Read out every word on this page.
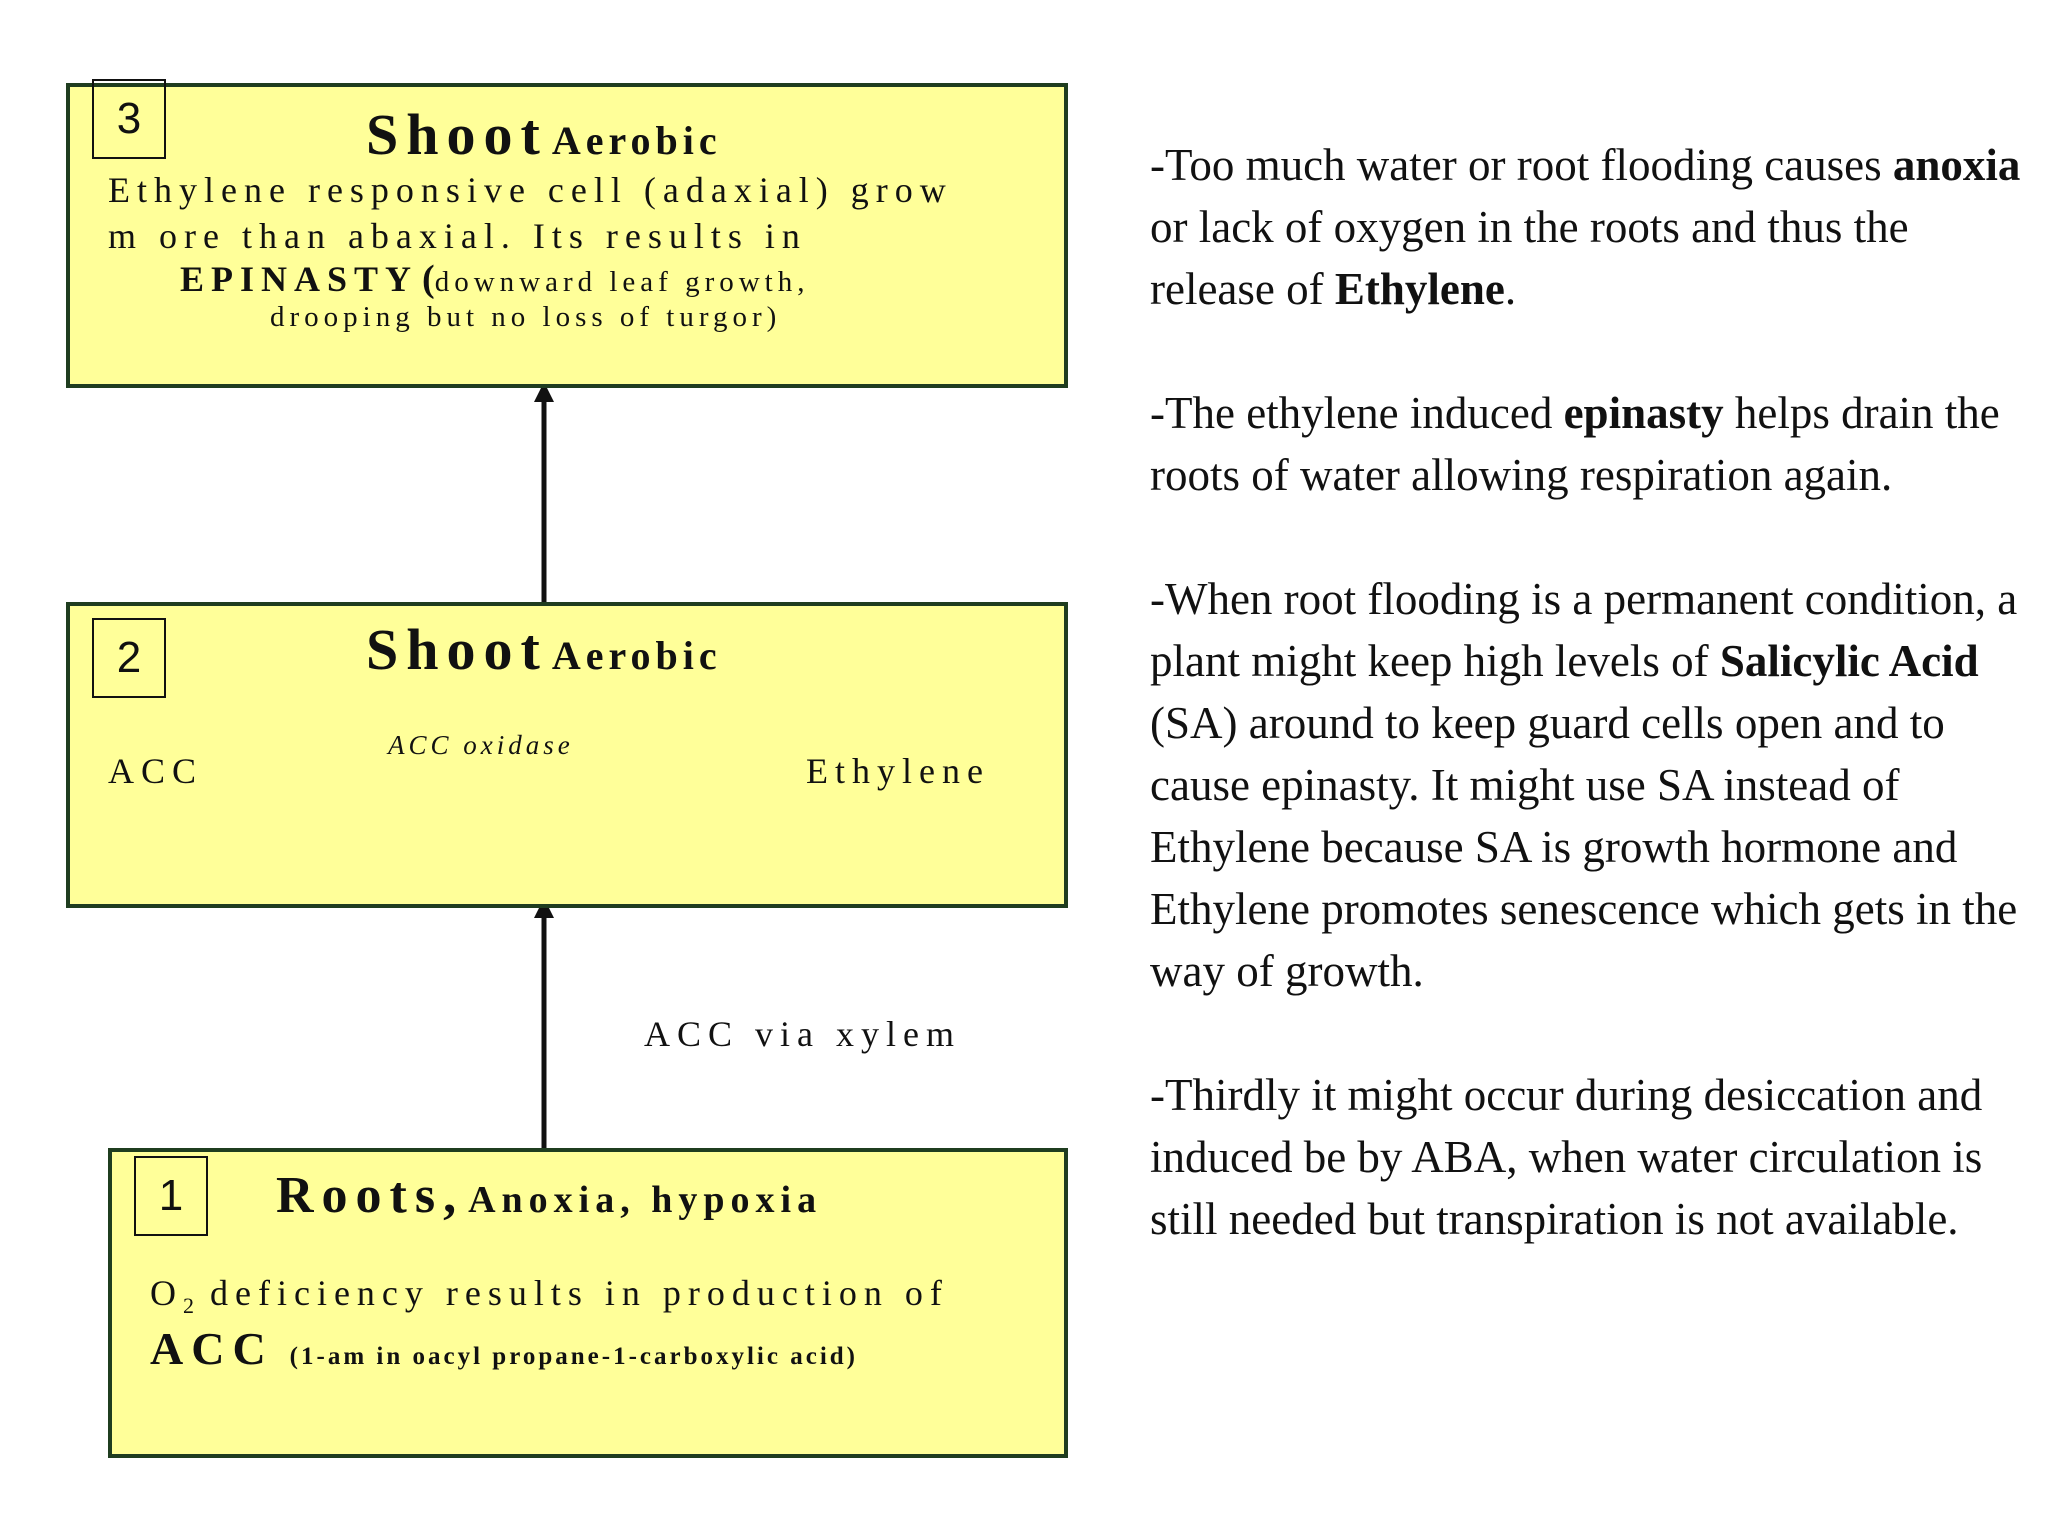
3	Shoot Aerobic
Ethylene responsive cell (adaxial) grow
m ore than abaxial. Its results in
EPINASTY (downward leaf growth,
drooping but no loss of turgor)
2	Shoot Aerobic
ACC oxidase
ACC	Ethylene
ACC via xylem
1	Roots, Anoxia, hypoxia
$O_2$ deficiency results in production of
ACC (1-am in oacyl propane-1-carboxylic acid)

-Too much water or root flooding causes anoxia or lack of oxygen in the roots and thus the release of Ethylene.

-The ethylene induced epinasty helps drain the roots of water allowing respiration again.

-When root flooding is a permanent condition, a plant might keep high levels of Salicylic Acid (SA) around to keep guard cells open and to cause epinasty. It might use SA instead of Ethylene because SA is growth hormone and Ethylene promotes senescence which gets in the way of growth.

-Thirdly it might occur during desiccation and induced be by ABA, when water circulation is still needed but transpiration is not available.
